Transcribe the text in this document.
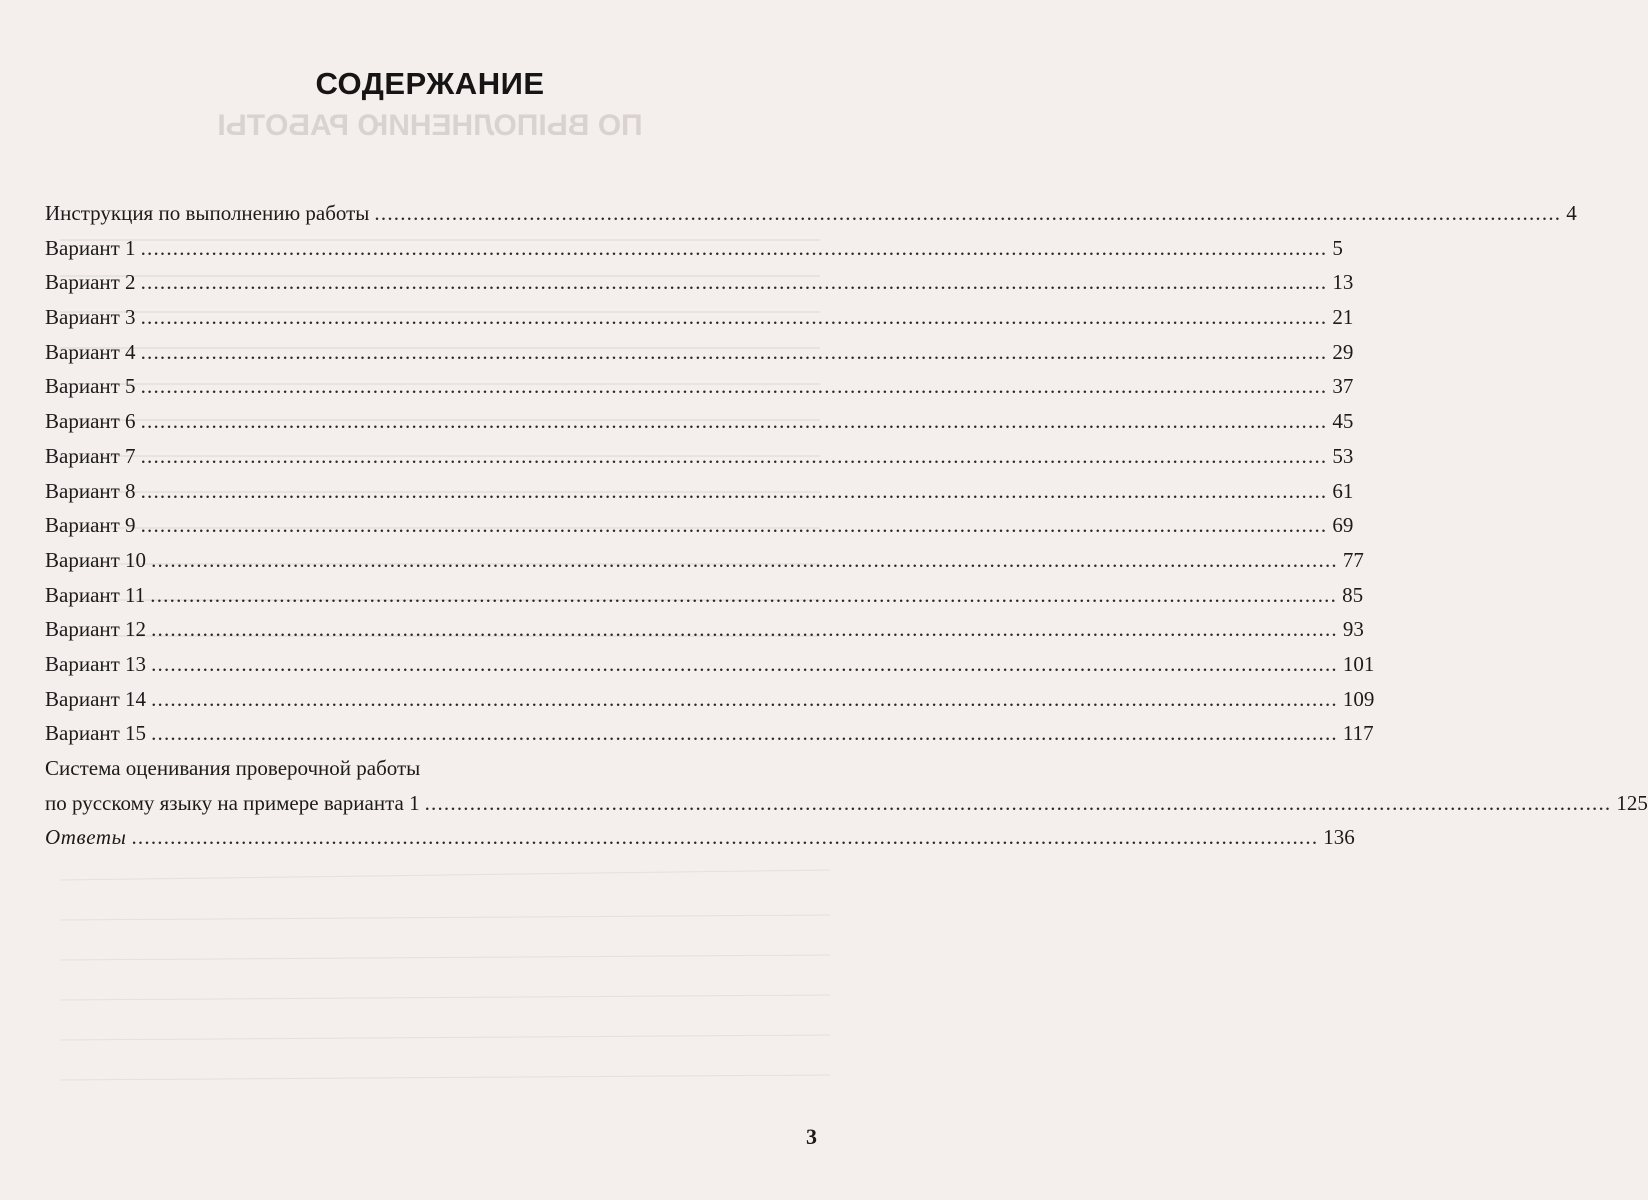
ПО ВЫПОЛНЕНИЮ РАБОТЫ
СОДЕРЖАНИЕ
Инструкция по выполнению работы ........................................................................................................................................................................................ 4
Вариант 1 ........................................................................................................................................................................................ 5
Вариант 2 ........................................................................................................................................................................................ 13
Вариант 3 ........................................................................................................................................................................................ 21
Вариант 4 ........................................................................................................................................................................................ 29
Вариант 5 ........................................................................................................................................................................................ 37
Вариант 6 ........................................................................................................................................................................................ 45
Вариант 7 ........................................................................................................................................................................................ 53
Вариант 8 ........................................................................................................................................................................................ 61
Вариант 9 ........................................................................................................................................................................................ 69
Вариант 10 ........................................................................................................................................................................................ 77
Вариант 11 ........................................................................................................................................................................................ 85
Вариант 12 ........................................................................................................................................................................................ 93
Вариант 13 ........................................................................................................................................................................................ 101
Вариант 14 ........................................................................................................................................................................................ 109
Вариант 15 ........................................................................................................................................................................................ 117
Система оценивания проверочной работы
по русскому языку на примере варианта 1 ........................................................................................................................................................................................ 125
Ответы ........................................................................................................................................................................................ 136
3
